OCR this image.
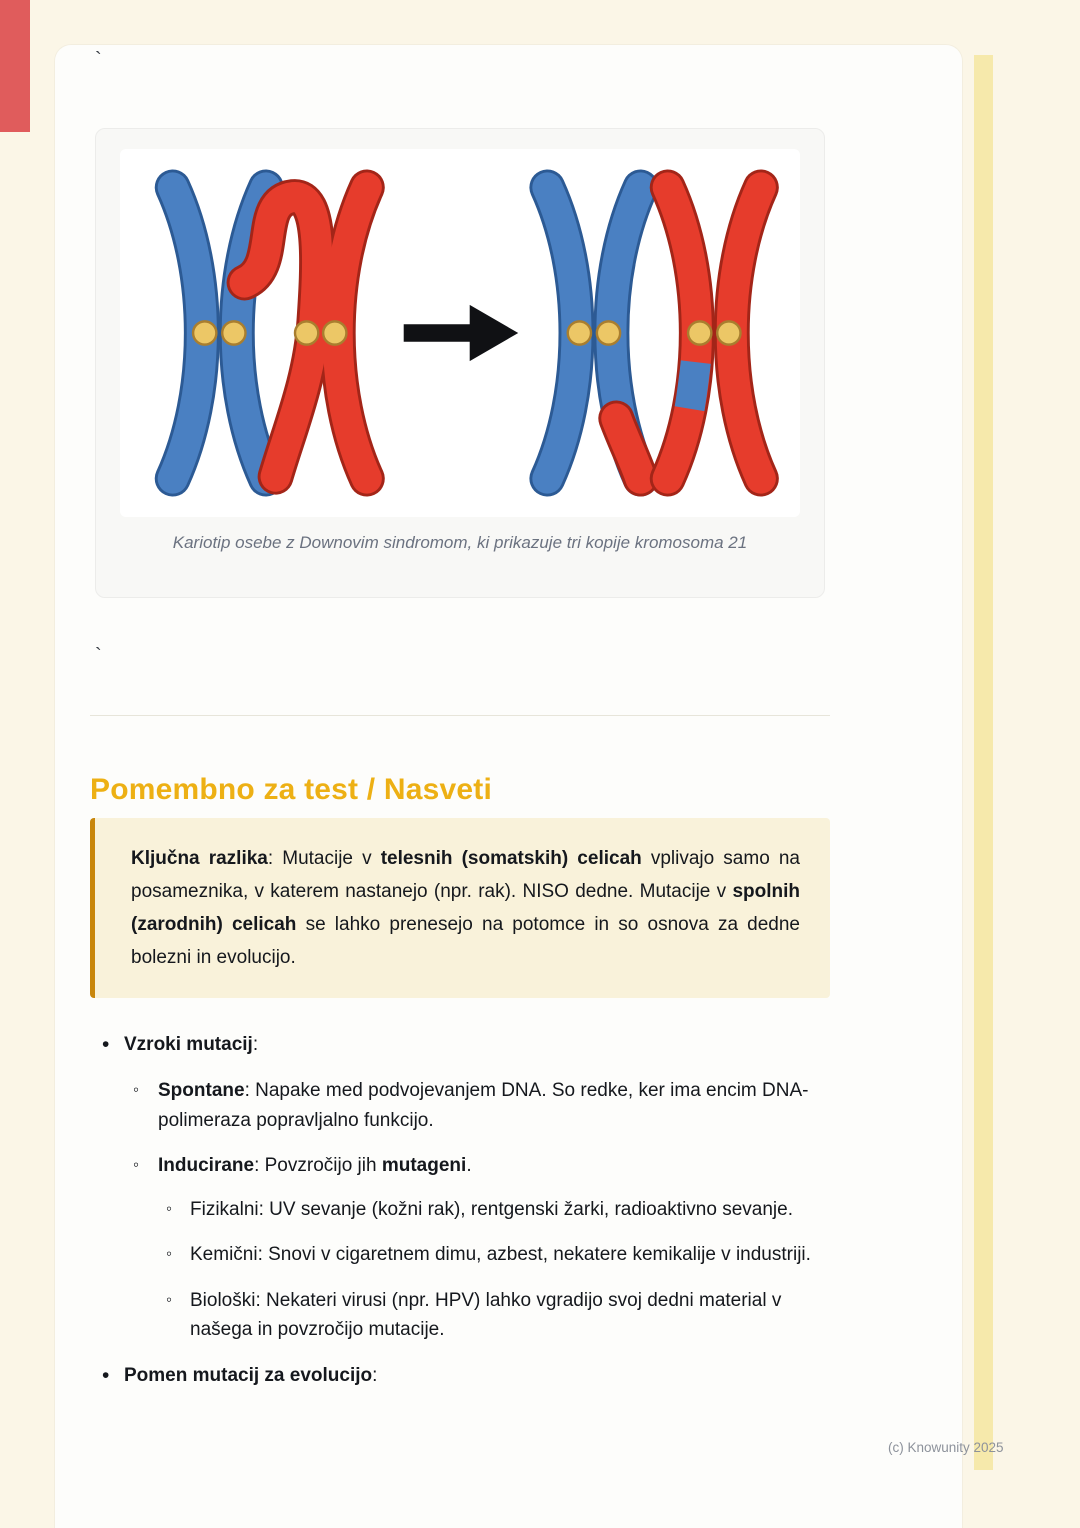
`
Kariotip osebe z Downovim sindromom, ki prikazuje tri kopije kromosoma 21
`
Pomembno za test / Nasveti
Ključna razlika: Mutacije v telesnih (somatskih) celicah vplivajo samo na posameznika, v katerem nastanejo (npr. rak). NISO dedne. Mutacije v spolnih (zarodnih) celicah se lahko prenesejo na potomce in so osnova za dedne bolezni in evolucijo.
• Vzroki mutacij:
◦ Spontane: Napake med podvojevanjem DNA. So redke, ker ima encim DNA-polimeraza popravljalno funkcijo.
◦ Inducirane: Povzročijo jih mutageni.
◦ Fizikalni: UV sevanje (kožni rak), rentgenski žarki, radioaktivno sevanje.
◦ Kemični: Snovi v cigaretnem dimu, azbest, nekatere kemikalije v industriji.
◦ Biološki: Nekateri virusi (npr. HPV) lahko vgradijo svoj dedni material v našega in povzročijo mutacije.
• Pomen mutacij za evolucijo:
(c) Knowunity 2025
